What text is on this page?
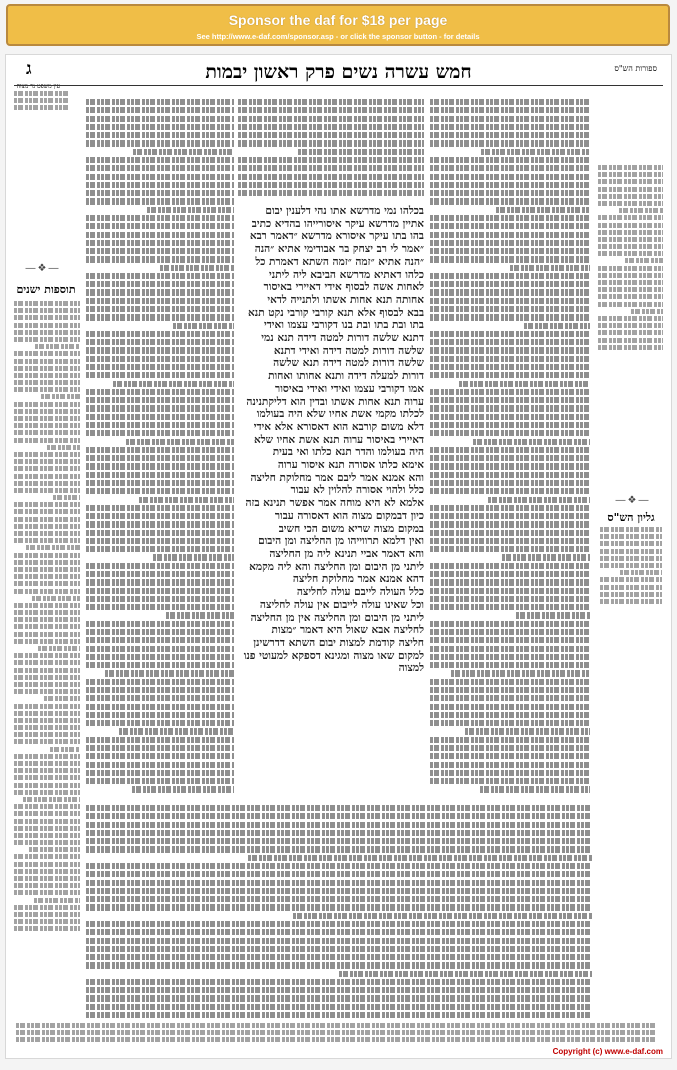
Sponsor the daf for $18 per page
See http://www.e-daf.com/sponsor.asp - or click the sponsor button - for details
ג	חמש עשרה נשים פרק ראשון יבמות	ספורות הש"ס
עין משפט נר מצוה
―❖―
תוספות ישנים
בכלהו נמי מדרשא אתו נהי דלענין יבום
אתיין מדרשא עיקר איסורייהו בהדיא כתיב
בהו בתו עיקר איסורא מדרשא ״דאמר רבא
״אמר לי רב יצחק בר אבודימי אתיא ״הנה
״הנה אתיא ״זמה ״זמה השתא דאמרת כל
כלהו דאתיא מדרשא הביבא ליה ליתני
לאחות אשה לבסוף אידי דאיירי באיסור
אחותה תנא אחות אשתו ולתנייה לדאי
בבא לבסוף אלא תנא קורבי קורבי נקט תנא
בתו ובת בתו ובת בנו דקורבי עצמו ואידי
דתנא שלשה דורות למטה דידה תנא נמי
שלשה דורות למטה דידה ואידי דתנא
שלשה דורות למטה דידה תנא שלשה
דורות למעלה דידה ותנא אחותו ואחות
אמו דקורבי עצמו ואידי ואידי באיסור
ערוה תנא אחות אשתו ובדין הוא דליקתנינה
לכלתו מקמי אשת אחיו שלא היה בעולמו
דלא משום קורבא הוא דאסורא אלא אידי
דאיירי באיסור ערוה תנא אשת אחיו שלא
היה בעולמו והדר תנא כלתו ואי בעית
אימא כלתו אסורה תנא איסור ערוה
והא אמנא אמר ליבם אמר מחלוקת חליצה
כלל ולהוי אסורה להלוין לא עבור
אלמא לא היא מוחה אמר אפשר תנינא בזה
כיון דבמקום מצוה הוא דאסורה עבור
במקום מצוה שריא משום הכי חשיב
ואין דלמא תרווייהו מן החליצה ומן היבום
והא דאמר אביי תנינא ליה מן החליצה
ליתני מן היבום ומן החליצה והא ליה מקמא
דהא אמנא אמר מחלוקת חליצה
כלל העולה לייבם עולה לחליצה
וכל שאינו עולה לייבום אין עולה לחליצה
ליתני מן היבום ומן החליצה אין מן החליצה
לחליצה אבא שאול היא דאמר ״מצות
חליצה קודמת למצות יבום השתא דדרשינן
למקום שאו מצוה ומגינא דספקא למעוטי פנו
למצוה
―❖―
גליון הש"ס
Copyright (c) www.e-daf.com
